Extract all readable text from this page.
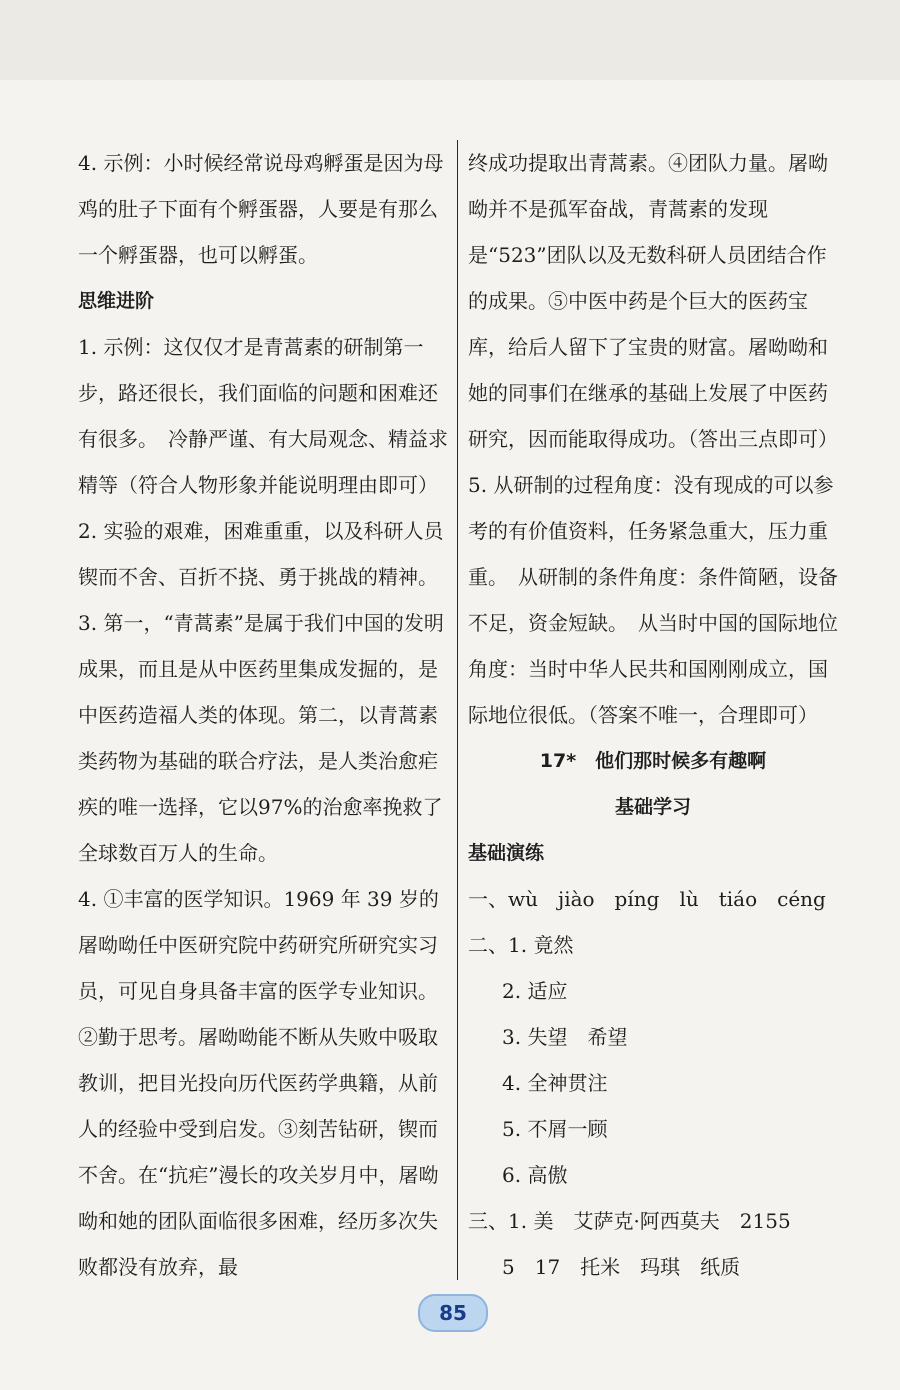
4. 示例：小时候经常说母鸡孵蛋是因为母鸡的肚子下面有个孵蛋器，人要是有那么一个孵蛋器，也可以孵蛋。

思维进阶

1. 示例：这仅仅才是青蒿素的研制第一步，路还很长，我们面临的问题和困难还有很多。　冷静严谨、有大局观念、精益求精等（符合人物形象并能说明理由即可）

2. 实验的艰难，困难重重，以及科研人员锲而不舍、百折不挠、勇于挑战的精神。

3. 第一，“青蒿素”是属于我们中国的发明成果，而且是从中医药里集成发掘的，是中医药造福人类的体现。第二，以青蒿素类药物为基础的联合疗法，是人类治愈疟疾的唯一选择，它以97%的治愈率挽救了全球数百万人的生命。

4. ①丰富的医学知识。1969 年 39 岁的屠呦呦任中医研究院中药研究所研究实习员，可见自身具备丰富的医学专业知识。②勤于思考。屠呦呦能不断从失败中吸取教训，把目光投向历代医药学典籍，从前人的经验中受到启发。③刻苦钻研，锲而不舍。在“抗疟”漫长的攻关岁月中，屠呦呦和她的团队面临很多困难，经历多次失败都没有放弃，最

终成功提取出青蒿素。④团队力量。屠呦呦并不是孤军奋战，青蒿素的发现是“523”团队以及无数科研人员团结合作的成果。⑤中医中药是个巨大的医药宝库，给后人留下了宝贵的财富。屠呦呦和她的同事们在继承的基础上发展了中医药研究，因而能取得成功。（答出三点即可）

5. 从研制的过程角度：没有现成的可以参考的有价值资料，任务紧急重大，压力重重。　从研制的条件角度：条件简陋，设备不足，资金短缺。　从当时中国的国际地位角度：当时中华人民共和国刚刚成立，国际地位很低。（答案不唯一，合理即可）

17*　他们那时候多有趣啊

基础学习

基础演练

一、wù　jiào　píng　lù　tiáo　céng

二、1. 竟然

2. 适应

3. 失望　希望

4. 全神贯注

5. 不屑一顾

6. 高傲

三、1. 美　艾萨克·阿西莫夫　2155

5　17　托米　玛琪　纸质

85
